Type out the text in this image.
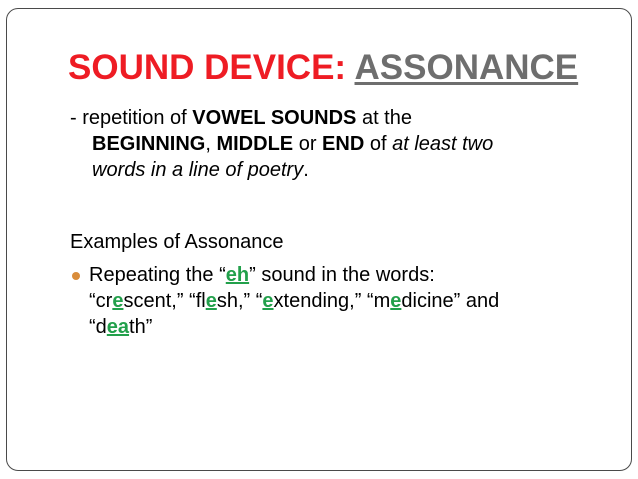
SOUND DEVICE: ASSONANCE
- repetition of VOWEL SOUNDS at the
BEGINNING, MIDDLE or END of at least two
words in a line of poetry.
Examples of Assonance
Repeating the “eh” sound in the words:
“crescent,” “flesh,” “extending,” “medicine” and
“death”
